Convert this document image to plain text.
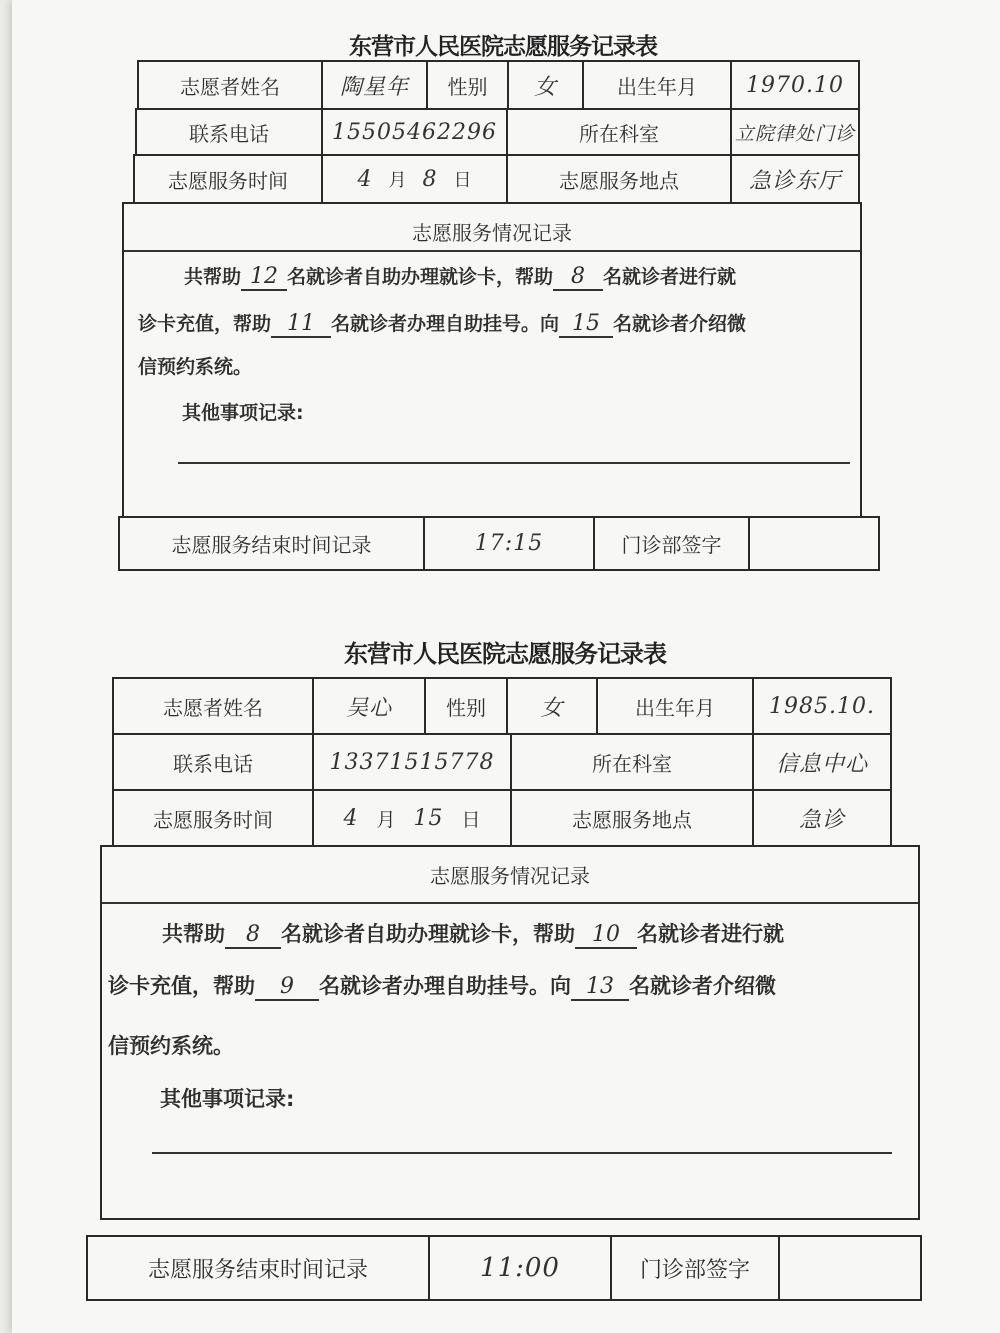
东营市人民医院志愿服务记录表
志愿者姓名	陶星年	性别	女	出生年月	1970.10
联系电话	15505462296	所在科室	立院律处门诊
志愿服务时间	4 月 8 日	志愿服务地点	急诊东厅
志愿服务情况记录
共帮助 12 名就诊者自助办理就诊卡，帮助 8 名就诊者进行就
诊卡充值，帮助 11 名就诊者办理自助挂号。向 15 名就诊者介绍微
信预约系统。
其他事项记录:
志愿服务结束时间记录	17:15	门诊部签字
东营市人民医院志愿服务记录表
志愿者姓名	吴心	性别	女	出生年月	1985.10.
联系电话	13371515778	所在科室	信息中心
志愿服务时间	4 月 15 日	志愿服务地点	急诊
志愿服务情况记录
共帮助 8 名就诊者自助办理就诊卡，帮助 10 名就诊者进行就
诊卡充值，帮助 9 名就诊者办理自助挂号。向 13 名就诊者介绍微
信预约系统。
其他事项记录:
志愿服务结束时间记录	11:00	门诊部签字
